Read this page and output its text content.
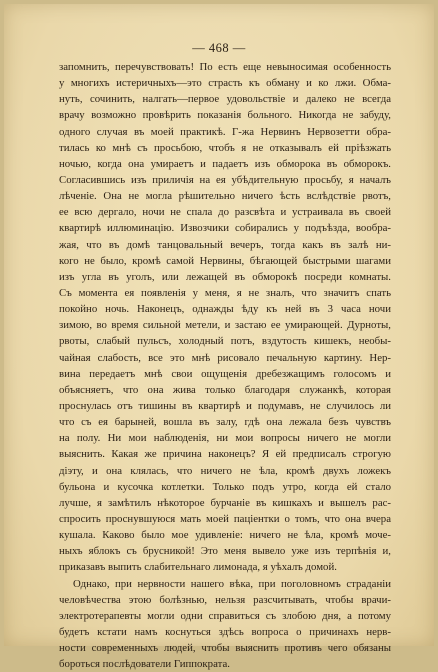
— 468 —
запомнить, перечувствовать! По есть еще невыносимая особенность
у многихъ истеричныхъ—это страсть къ обману и ко лжи. Обма-
нуть, сочинить, налгать—первое удовольствіе и далеко не всегда
врачу возможно провѣрить показанія больного. Никогда не забуду,
одного случая въ моей практикѣ. Г-жа Нервинъ Нервозетти обра-
тилась ко мнѣ съ просьбою, чтобъ я не отказывалъ ей пріѣзжать
ночью, когда она умираетъ и падаетъ изъ обморока въ обморокъ.
Согласившись изъ приличія на ея убѣдительную просьбу, я началъ
лѣченіе. Она не могла рѣшительно ничего ѣсть вслѣдствіе рвотъ,
ее всю дергало, ночи не спала до разсвѣта и устраивала въ своей
квартирѣ иллюминацію. Извозчики собирались у подъѣзда, вообра-
жая, что въ домѣ танцовальный вечеръ, тогда какъ въ залѣ ни-
кого не было, кромѣ самой Нервины, бѣгающей быстрыми шагами
изъ угла въ уголъ, или лежащей въ обморокѣ посреди комнаты.
Съ момента ея появленія у меня, я не зналъ, что значитъ спать
покойно ночь. Наконецъ, однажды ѣду къ ней въ 3 часа ночи
зимою, во время сильной метели, и застаю ее умирающей. Дурноты,
рвоты, слабый пульсъ, холодный потъ, вздутость кишекъ, необы-
чайная слабость, все это мнѣ рисовало печальную картину. Нер-
вина передаетъ мнѣ свои ощущенія дребезжащимъ голосомъ и
объясняетъ, что она жива только благодаря служанкѣ, которая
проснулась отъ тишины въ квартирѣ и подумавъ, не случилось ли
что съ ея барыней, вошла въ залу, гдѣ она лежала безъ чувствъ
на полу. Ни мои наблюденія, ни мои вопросы ничего не могли
выяснить. Какая же причина наконецъ? Я ей предписалъ строгую
діэту, и она клялась, что ничего не ѣла, кромѣ двухъ ложекъ
бульона и кусочка котлетки. Только подъ утро, когда ей стало
лучше, я замѣтилъ нѣкоторое бурчаніе въ кишкахъ и вышелъ рас-
спросить проснувшуюся мать моей паціентки о томъ, что она вчера
кушала. Каково было мое удивленіе: ничего не ѣла, кромѣ моче-
ныхъ яблокъ съ брусникой! Это меня вывело уже изъ терпѣнія и,
приказавъ выпить слабительнаго лимонада, я уѣхалъ домой.
Однако, при нервности нашего вѣка, при поголовномъ страданіи
человѣчества этою болѣзнью, нельзя разсчитывать, чтобы врачи-
электротерапевты могли одни справиться съ злобою дня, а потому
будетъ кстати намъ коснуться здѣсь вопроса о причинахъ нерв-
ности современныхъ людей, чтобы выяснить противъ чего обязаны
бороться послѣдователи Гиппократа.
